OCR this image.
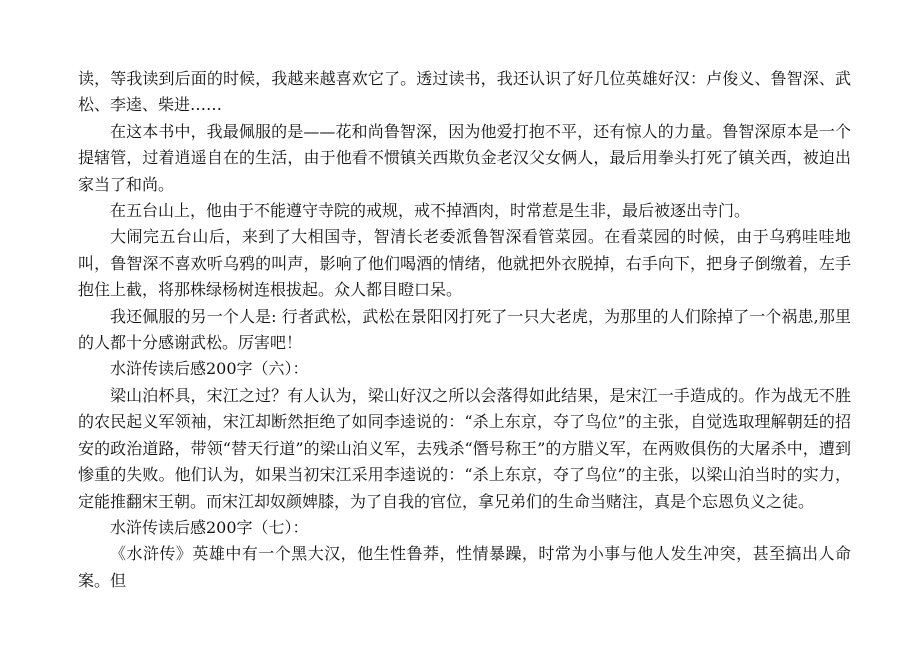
读，等我读到后面的时候，我越来越喜欢它了。透过读书，我还认识了好几位英雄好汉：卢俊义、鲁智深、武松、李逵、柴进……

在这本书中，我最佩服的是——花和尚鲁智深，因为他爱打抱不平，还有惊人的力量。鲁智深原本是一个提辖管，过着逍遥自在的生活，由于他看不惯镇关西欺负金老汉父女俩人，最后用拳头打死了镇关西，被迫出家当了和尚。

在五台山上，他由于不能遵守寺院的戒规，戒不掉酒肉，时常惹是生非，最后被逐出寺门。

大闹完五台山后，来到了大相国寺，智清长老委派鲁智深看管菜园。在看菜园的时候，由于乌鸦哇哇地叫，鲁智深不喜欢听乌鸦的叫声，影响了他们喝酒的情绪，他就把外衣脱掉，右手向下，把身子倒缴着，左手抱住上截，将那株绿杨树连根拔起。众人都目瞪口呆。

我还佩服的另一个人是: 行者武松，武松在景阳冈打死了一只大老虎，为那里的人们除掉了一个祸患,那里的人都十分感谢武松。厉害吧！

水浒传读后感200字（六）：

梁山泊杯具，宋江之过？有人认为，梁山好汉之所以会落得如此结果，是宋江一手造成的。作为战无不胜的农民起义军领袖，宋江却断然拒绝了如同李逵说的：“杀上东京，夺了鸟位”的主张，自觉选取理解朝廷的招安的政治道路，带领“替天行道”的梁山泊义军，去残杀“僭号称王”的方腊义军，在两败俱伤的大屠杀中，遭到惨重的失败。他们认为，如果当初宋江采用李逵说的：“杀上东京，夺了鸟位”的主张，以梁山泊当时的实力，定能推翻宋王朝。而宋江却奴颜婢膝，为了自我的官位，拿兄弟们的生命当赌注，真是个忘恩负义之徒。

水浒传读后感200字（七）：

《水浒传》英雄中有一个黑大汉，他生性鲁莽，性情暴躁，时常为小事与他人发生冲突，甚至搞出人命案。但
